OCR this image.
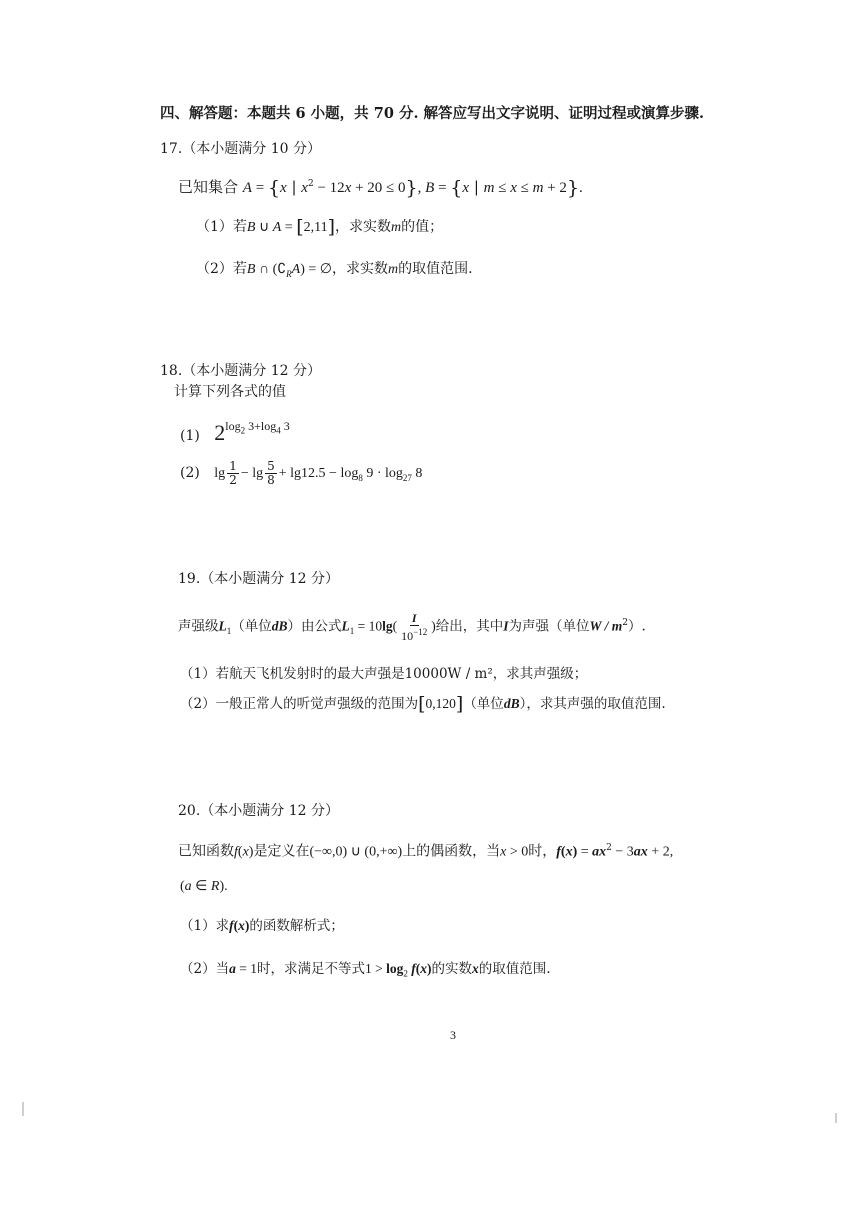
四、解答题：本题共 6 小题，共 70 分. 解答应写出文字说明、证明过程或演算步骤.
17.（本小题满分 10 分）
已知集合 A = {x | $x^2 - 12x + 20 \le 0$}, B = {x | m ≤ x ≤ m + 2}.
（1）若B ∪ A = [2,11]，求实数m的值；
（2）若B ∩ $(∁_RA)$ = ∅，求实数m的取值范围.
18.（本小题满分 12 分）
计算下列各式的值
(1) $2\log_2$ $3+\log_4$ 3
(2) $\lg \frac{1}{2} - \lg \frac{5}{8} + \lg 12.5 - \log_8 9 \cdot \log_{27} 8$
19.（本小题满分 12 分）
声强级$L_1$（单位dB）由公式$L_1 = 10\lg( \frac{I}{10^{-12}}$ )给出，其中I为声强（单位W / $m^2$）.
（1）若航天飞机发射时的最大声强是10000W / m²，求其声强级；
（2）一般正常人的听觉声强级的范围为[0,120]（单位dB），求其声强的取值范围.
20.（本小题满分 12 分）
已知函数f(x)是定义在(−∞,0) ∪ (0,+∞)上的偶函数，当x > 0时，$f(x) = ax^2 - 3ax + 2$,
(a ∈ R).
（1）求f(x)的函数解析式；
（2）当a = 1时，求满足不等式$1 > \log_2 f(x)$的实数x的取值范围.
3
